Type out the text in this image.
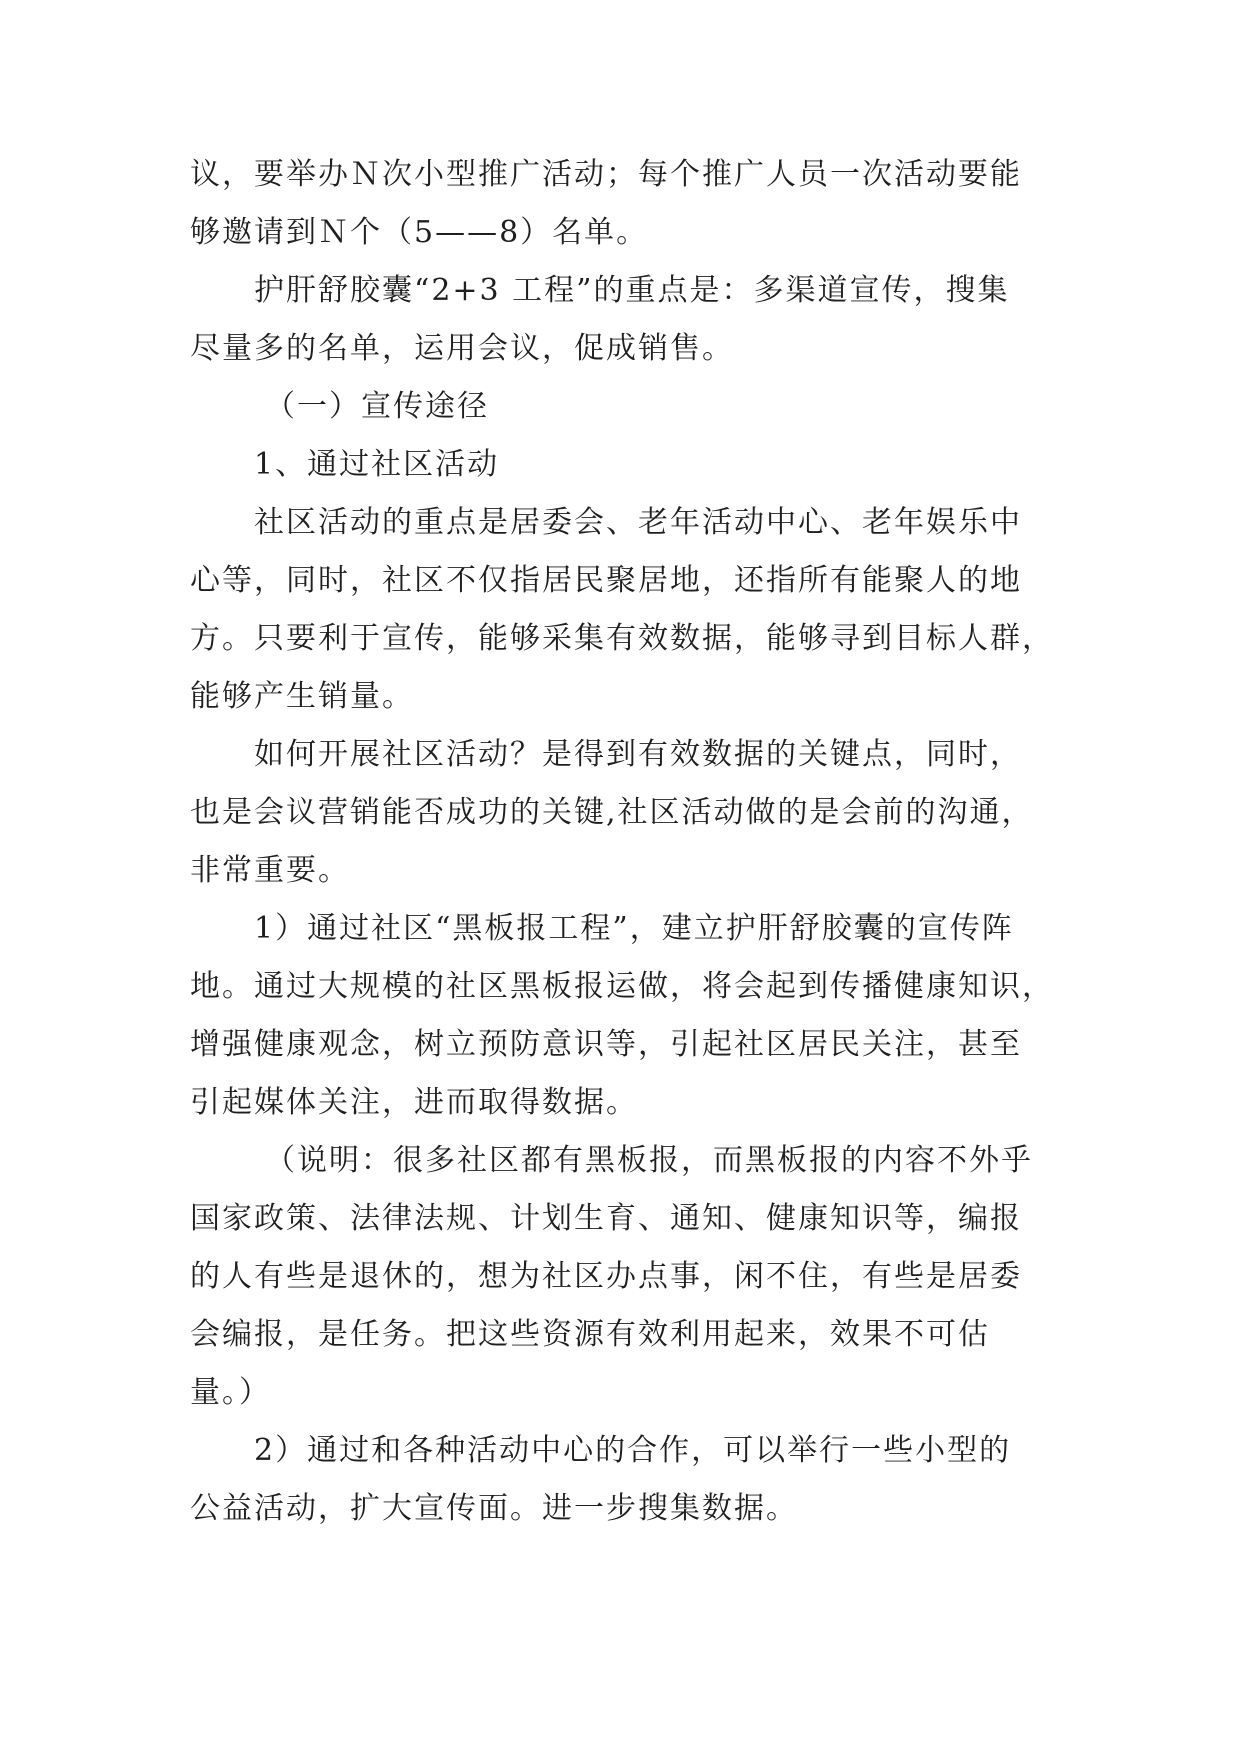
议，要举办Ｎ次小型推广活动；每个推广人员一次活动要能
够邀请到Ｎ个（5——8）名单。
护肝舒胶囊“2+3 工程”的重点是：多渠道宣传，搜集
尽量多的名单，运用会议，促成销售。
（一）宣传途径
1、通过社区活动
社区活动的重点是居委会、老年活动中心、老年娱乐中
心等，同时，社区不仅指居民聚居地，还指所有能聚人的地
方。只要利于宣传，能够采集有效数据，能够寻到目标人群，
能够产生销量。
如何开展社区活动？是得到有效数据的关键点，同时，
也是会议营销能否成功的关键,社区活动做的是会前的沟通，
非常重要。
1）通过社区“黑板报工程”，建立护肝舒胶囊的宣传阵
地。通过大规模的社区黑板报运做，将会起到传播健康知识，
增强健康观念，树立预防意识等，引起社区居民关注，甚至
引起媒体关注，进而取得数据。
（说明：很多社区都有黑板报，而黑板报的内容不外乎
国家政策、法律法规、计划生育、通知、健康知识等，编报
的人有些是退休的，想为社区办点事，闲不住，有些是居委
会编报，是任务。把这些资源有效利用起来，效果不可估
量。）
2）通过和各种活动中心的合作，可以举行一些小型的
公益活动，扩大宣传面。进一步搜集数据。
